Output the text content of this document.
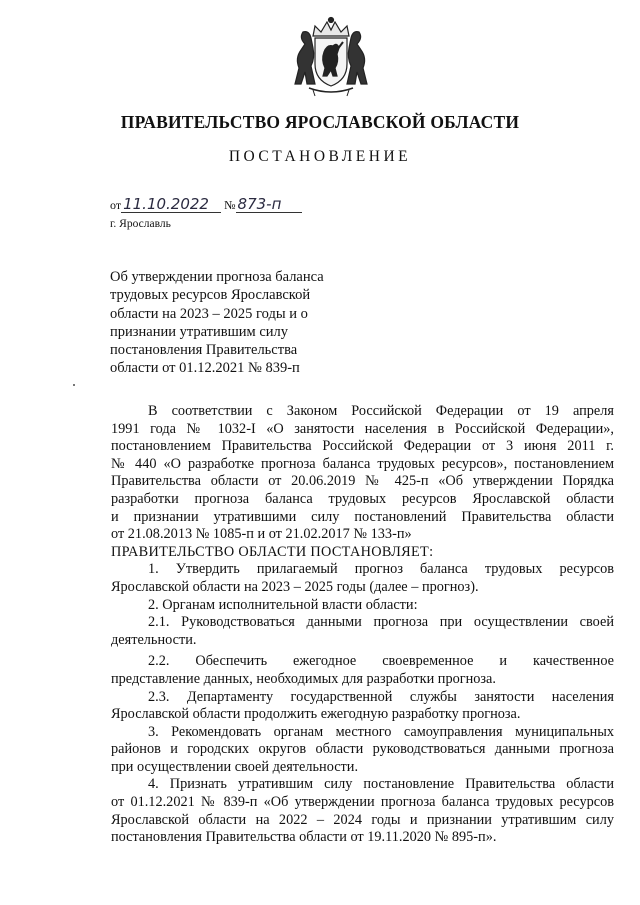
ПРАВИТЕЛЬСТВО ЯРОСЛАВСКОЙ ОБЛАСТИ
ПОСТАНОВЛЕНИЕ
от 11.10.2022 № 873-п
г. Ярославль
Об утверждении прогноза баланса
трудовых ресурсов Ярославской
области на 2023 – 2025 годы и о
признании утратившим силу
постановления Правительства
области от 01.12.2021 № 839-п
В соответствии с Законом Российской Федерации от 19 апреля
1991 года № 1032-I «О занятости населения в Российской Федерации»,
постановлением Правительства Российской Федерации от 3 июня 2011 г.
№ 440 «О разработке прогноза баланса трудовых ресурсов», постановлением
Правительства области от 20.06.2019 № 425-п «Об утверждении Порядка
разработки прогноза баланса трудовых ресурсов Ярославской области
и признании утратившими силу постановлений Правительства области
от 21.08.2013 № 1085-п и от 21.02.2017 № 133-п»
ПРАВИТЕЛЬСТВО ОБЛАСТИ ПОСТАНОВЛЯЕТ:
1. Утвердить прилагаемый прогноз баланса трудовых ресурсов
Ярославской области на 2023 – 2025 годы (далее – прогноз).
2. Органам исполнительной власти области:
2.1. Руководствоваться данными прогноза при осуществлении своей
деятельности.
2.2. Обеспечить ежегодное своевременное и качественное
представление данных, необходимых для разработки прогноза.
2.3. Департаменту государственной службы занятости населения
Ярославской области продолжить ежегодную разработку прогноза.
3. Рекомендовать органам местного самоуправления муниципальных
районов и городских округов области руководствоваться данными прогноза
при осуществлении своей деятельности.
4. Признать утратившим силу постановление Правительства области
от 01.12.2021 № 839-п «Об утверждении прогноза баланса трудовых ресурсов
Ярославской области на 2022 – 2024 годы и признании утратившим силу
постановления Правительства области от 19.11.2020 № 895-п».
